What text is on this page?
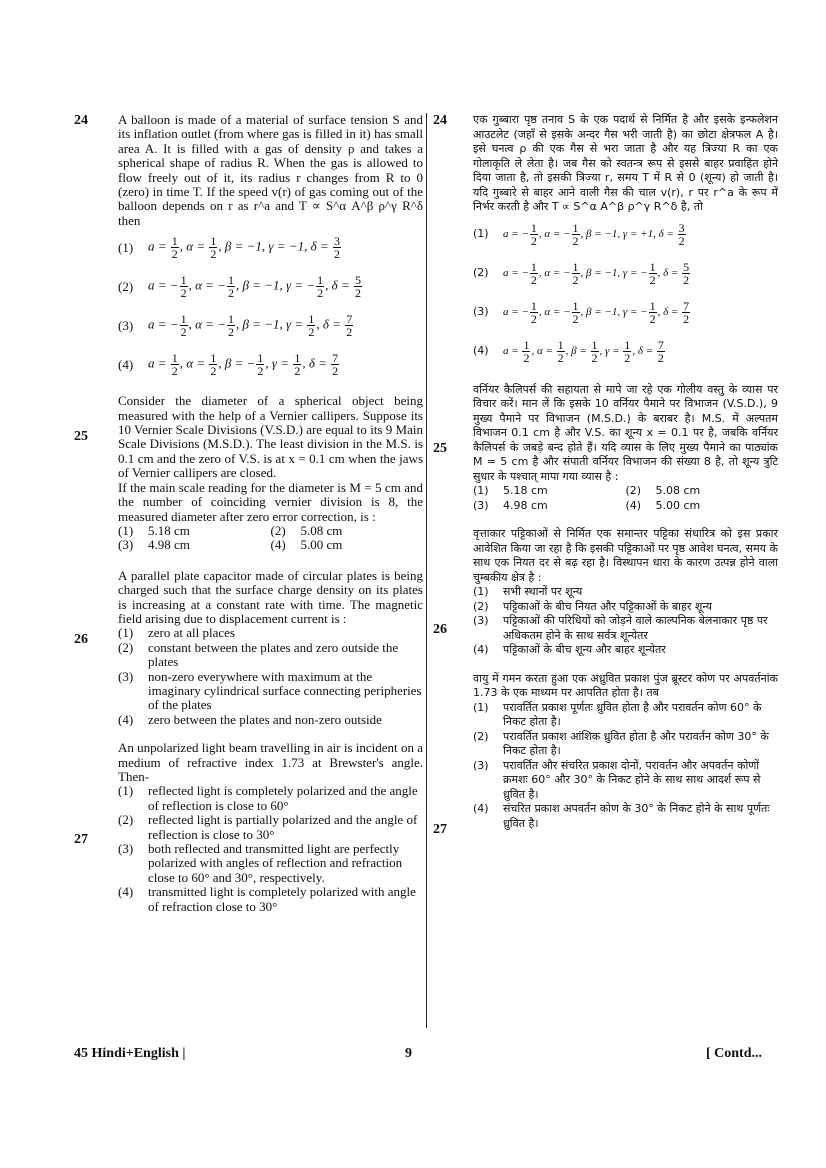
24	24
25
25
26
26
27
27

A balloon is made of a material of surface tension S and its inflation outlet (from where gas is filled in it) has small area A. It is filled with a gas of density ρ and takes a spherical shape of radius R. When the gas is allowed to flow freely out of it, its radius r changes from R to 0 (zero) in time T. If the speed v(r) of gas coming out of the balloon depends on r as r^a and T ∝ S^α A^β ρ^γ R^δ then

(1)	$a = \frac{1}{2}$ , $\alpha = \frac{1}{2}$ , β = −1, γ = −1, $\delta = \frac{3}{2}$
(2)	a = − $\frac{1}{2}$ , α = − $\frac{1}{2}$ , β = −1, γ = − $\frac{1}{2}$ , $\delta = \frac{5}{2}$
(3)	a = − $\frac{1}{2}$ , α = − $\frac{1}{2}$ , β = −1, $\gamma = \frac{1}{2}$ , $\delta = \frac{7}{2}$
(4)	$a = \frac{1}{2}$ , $\alpha = \frac{1}{2}$ , β = − $\frac{1}{2}$ , $\gamma = \frac{1}{2}$ , $\delta = \frac{7}{2}$

Consider the diameter of a spherical object being measured with the help of a Vernier callipers. Suppose its 10 Vernier Scale Divisions (V.S.D.) are equal to its 9 Main Scale Divisions (M.S.D.). The least division in the M.S. is 0.1 cm and the zero of V.S. is at x = 0.1 cm when the jaws of Vernier callipers are closed.

If the main scale reading for the diameter is M = 5 cm and the number of coinciding vernier division is 8, the measured diameter after zero error correction, is :

(1)	5.18 cm	(2)	5.08 cm
(3)	4.98 cm	(4)	5.00 cm

A parallel plate capacitor made of circular plates is being charged such that the surface charge density on its plates is increasing at a constant rate with time. The magnetic field arising due to displacement current is :

(1)	zero at all places
(2)	constant between the plates and zero outside the plates
(3)	non-zero everywhere with maximum at the imaginary cylindrical surface connecting peripheries of the plates
(4)	zero between the plates and non-zero outside

An unpolarized light beam travelling in air is incident on a medium of refractive index 1.73 at Brewster's angle. Then-

(1)	reflected light is completely polarized and the angle of reflection is close to 60°
(2)	reflected light is partially polarized and the angle of reflection is close to 30°
(3)	both reflected and transmitted light are perfectly polarized with angles of reflection and refraction close to 60° and 30°, respectively.
(4)	transmitted light is completely polarized with angle of refraction close to 30°

एक गुब्बारा पृष्ठ तनाव S के एक पदार्थ से निर्मित है और इसके इन्फलेशन आउटलेट (जहाँ से इसके अन्दर गैस भरी जाती है) का छोटा क्षेत्रफल A है। इसे घनत्व ρ की एक गैस से भरा जाता है और यह त्रिज्या R का एक गोलाकृति ले लेता है। जब गैस को स्वतन्त्र रूप से इससे बाहर प्रवाहित होने दिया जाता है, तो इसकी त्रिज्या r, समय T में R से 0 (शून्य) हो जाती है। यदि गुब्बारे से बाहर आने वाली गैस की चाल v(r), r पर r^a के रूप में निर्भर करती है और T ∝ S^α A^β ρ^γ R^δ है, तो

(1)	a = − $\frac{1}{2}$ , α = − $\frac{1}{2}$ , β = −1, γ = +1, $\delta = \frac{3}{2}$
(2)	a = − $\frac{1}{2}$ , α = − $\frac{1}{2}$ , β = −1, γ = − $\frac{1}{2}$ , $\delta = \frac{5}{2}$
(3)	a = − $\frac{1}{2}$ , α = − $\frac{1}{2}$ , β = −1, γ = − $\frac{1}{2}$ , $\delta = \frac{7}{2}$
(4)	$a = \frac{1}{2}$ , $\alpha = \frac{1}{2}$ , $\beta = \frac{1}{2}$ , $\gamma = \frac{1}{2}$ , $\delta = \frac{7}{2}$

वर्नियर कैलिपर्स की सहायता से मापे जा रहे एक गोलीय वस्तु के व्यास पर विचार करें। मान लें कि इसके 10 वर्नियर पैमाने पर विभाजन (V.S.D.), 9 मुख्य पैमाने पर विभाजन (M.S.D.) के बराबर है। M.S. में अल्पतम विभाजन 0.1 cm है और V.S. का शून्य x = 0.1 पर है, जबकि वर्नियर कैलिपर्स के जबड़े बन्द होते हैं। यदि व्यास के लिए मुख्य पैमाने का पाठ्यांक M = 5 cm है और संपाती वर्नियर विभाजन की संख्या 8 है, तो शून्य त्रुटि सुधार के पश्चात् मापा गया व्यास है :

(1)	5.18 cm	(2)	5.08 cm
(3)	4.98 cm	(4)	5.00 cm

वृत्ताकार पट्टिकाओं से निर्मित एक समान्तर पट्टिका संधारित्र को इस प्रकार आवेशित किया जा रहा है कि इसकी पट्टिकाओं पर पृष्ठ आवेश घनत्व, समय के साथ एक नियत दर से बढ़ रहा है। विस्थापन धारा के कारण उत्पन्न होने वाला चुम्बकीय क्षेत्र है :

(1)	सभी स्थानों पर शून्य
(2)	पट्टिकाओं के बीच नियत और पट्टिकाओं के बाहर शून्य
(3)	पट्टिकाओं की परिधियों को जोड़ने वाले काल्पनिक बेलनाकार पृष्ठ पर अधिकतम होने के साथ सर्वत्र शून्येतर
(4)	पट्टिकाओं के बीच शून्य और बाहर शून्येतर

वायु में गमन करता हुआ एक अध्रुवित प्रकाश पुंज ब्रूस्टर कोण पर अपवर्तनांक 1.73 के एक माध्यम पर आपतित होता है। तब

(1)	परावर्तित प्रकाश पूर्णतः ध्रुवित होता है और परावर्तन कोण 60° के निकट होता है।
(2)	परावर्तित प्रकाश आंशिक ध्रुवित होता है और परावर्तन कोण 30° के निकट होता है।
(3)	परावर्तित और संचरित प्रकाश दोनों, परावर्तन और अपवर्तन कोणों क्रमशः 60° और 30° के निकट होने के साथ साथ आदर्श रूप से ध्रुवित है।
(4)	संचरित प्रकाश अपवर्तन कोण के 30° के निकट होने के साथ पूर्णतः ध्रुवित है।
45 Hindi+English |	9	[ Contd...
